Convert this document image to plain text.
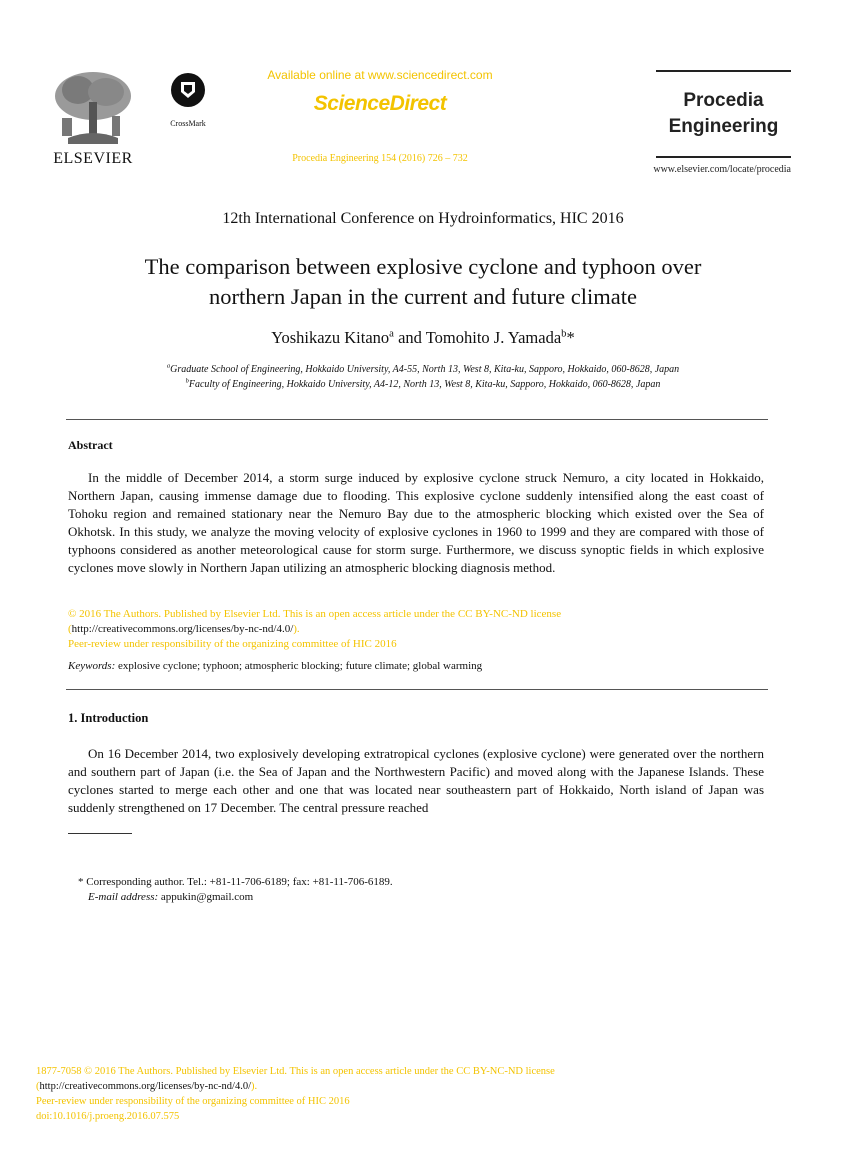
ELSEVIER
CrossMark
Available online at www.sciencedirect.com
ScienceDirect
Procedia Engineering 154 (2016) 726 – 732
Procedia
Engineering
www.elsevier.com/locate/procedia
12th International Conference on Hydroinformatics, HIC 2016
The comparison between explosive cyclone and typhoon over
northern Japan in the current and future climate
Yoshikazu Kitano$^a$ and Tomohito J. Yamada$^b$*
$^a$Graduate School of Engineering, Hokkaido University, A4-55, North 13, West 8, Kita-ku, Sapporo, Hokkaido, 060-8628, Japan
$^b$Faculty of Engineering, Hokkaido University, A4-12, North 13, West 8, Kita-ku, Sapporo, Hokkaido, 060-8628, Japan
Abstract

In the middle of December 2014, a storm surge induced by explosive cyclone struck Nemuro, a city located in Hokkaido, Northern Japan, causing immense damage due to flooding. This explosive cyclone suddenly intensified along the east coast of Tohoku region and remained stationary near the Nemuro Bay due to the atmospheric blocking which existed over the Sea of Okhotsk. In this study, we analyze the moving velocity of explosive cyclones in 1960 to 1999 and they are compared with those of typhoons considered as another meteorological cause for storm surge. Furthermore, we discuss synoptic fields in which explosive cyclones move slowly in Northern Japan utilizing an atmospheric blocking diagnosis method.

© 2016 The Authors. Published by Elsevier Ltd. This is an open access article under the CC BY-NC-ND license
(http://creativecommons.org/licenses/by-nc-nd/4.0/).
Peer-review under responsibility of the organizing committee of HIC 2016
Keywords: explosive cyclone; typhoon; atmospheric blocking; future climate; global warming
1. Introduction

On 16 December 2014, two explosively developing extratropical cyclones (explosive cyclone) were generated over the northern and southern part of Japan (i.e. the Sea of Japan and the Northwestern Pacific) and moved along with the Japanese Islands. These cyclones started to merge each other and one that was located near southeastern part of Hokkaido, North island of Japan was suddenly strengthened on 17 December. The central pressure reached

* Corresponding author. Tel.: +81-11-706-6189; fax: +81-11-706-6189.
E-mail address: appukin@gmail.com
1877-7058 © 2016 The Authors. Published by Elsevier Ltd. This is an open access article under the CC BY-NC-ND license
(http://creativecommons.org/licenses/by-nc-nd/4.0/).
Peer-review under responsibility of the organizing committee of HIC 2016
doi:10.1016/j.proeng.2016.07.575
